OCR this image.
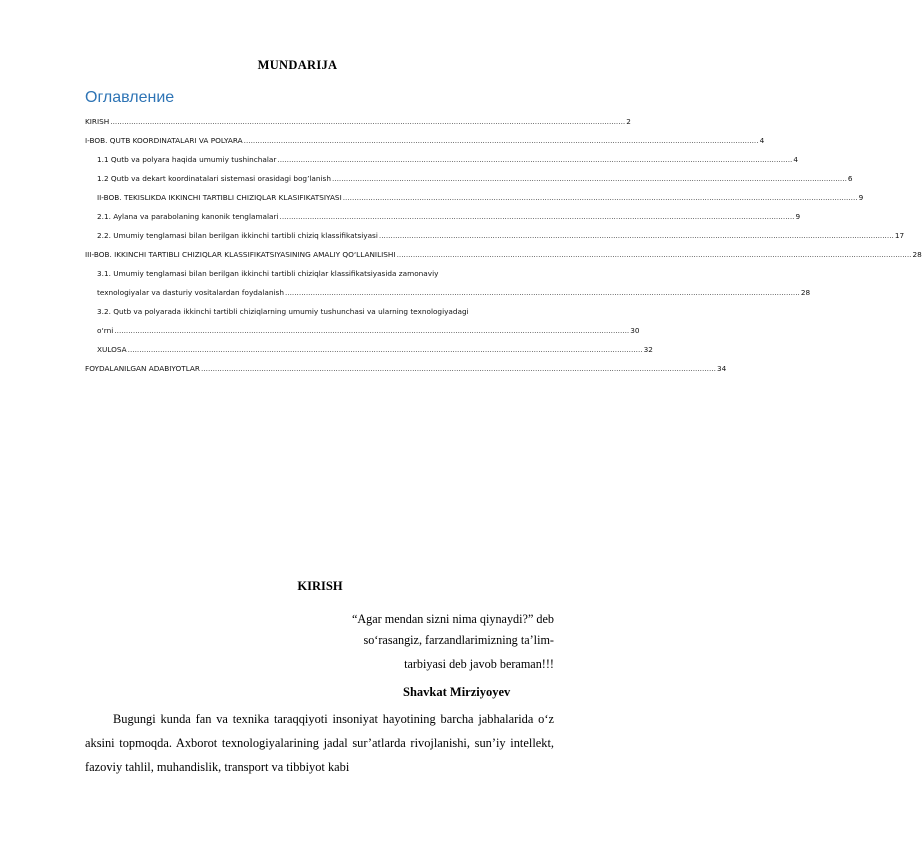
MUNDARIJA
Оглавление
KIRISH .....	2
I-BOB. QUTB KOORDINATALARI VA POLYARA .....	4
1.1 Qutb va polyara haqida umumiy tushinchalar .....	4
1.2 Qutb va dekart koordinatalari sistemasi orasidagi bog’lanish .....	6
II-BOB. TEKISLIKDA IKKINCHI TARTIBLI CHIZIQLAR KLASIFIKATSIYASI .....	9
2.1. Aylana va parabolaning kanonik tenglamalari .....	9
2.2. Umumiy tenglamasi bilan berilgan ikkinchi tartibli chiziq klassifikatsiyasi .....	17
III-BOB. IKKINCHI TARTIBLI CHIZIQLAR KLASSIFIKATSIYASINING AMALIY QO‘LLANILISHI .....	28
3.1. Umumiy tenglamasi bilan berilgan ikkinchi tartibli chiziqlar klassifikatsiyasida zamonaviy
texnologiyalar va dasturiy vositalardan foydalanish .....	28
3.2. Qutb va polyarada ikkinchi tartibli chiziqlarning umumiy tushunchasi va ularning texnologiyadagi
o‘rni .....	30
XULOSA .....	32
FOYDALANILGAN ADABIYOTLAR .....	34
KIRISH
“Agar mendan sizni nima qiynaydi?” deb
so‘rasangiz, farzandlarimizning ta’lim-
tarbiyasi deb javob beraman!!!
Shavkat Mirziyoyev
Bugungi kunda fan va texnika taraqqiyoti insoniyat hayotining barcha jabhalarida o‘z aksini topmoqda. Axborot texnologiyalarining jadal sur’atlarda rivojlanishi, sun’iy intellekt, fazoviy tahlil, muhandislik, transport va tibbiyot kabi
